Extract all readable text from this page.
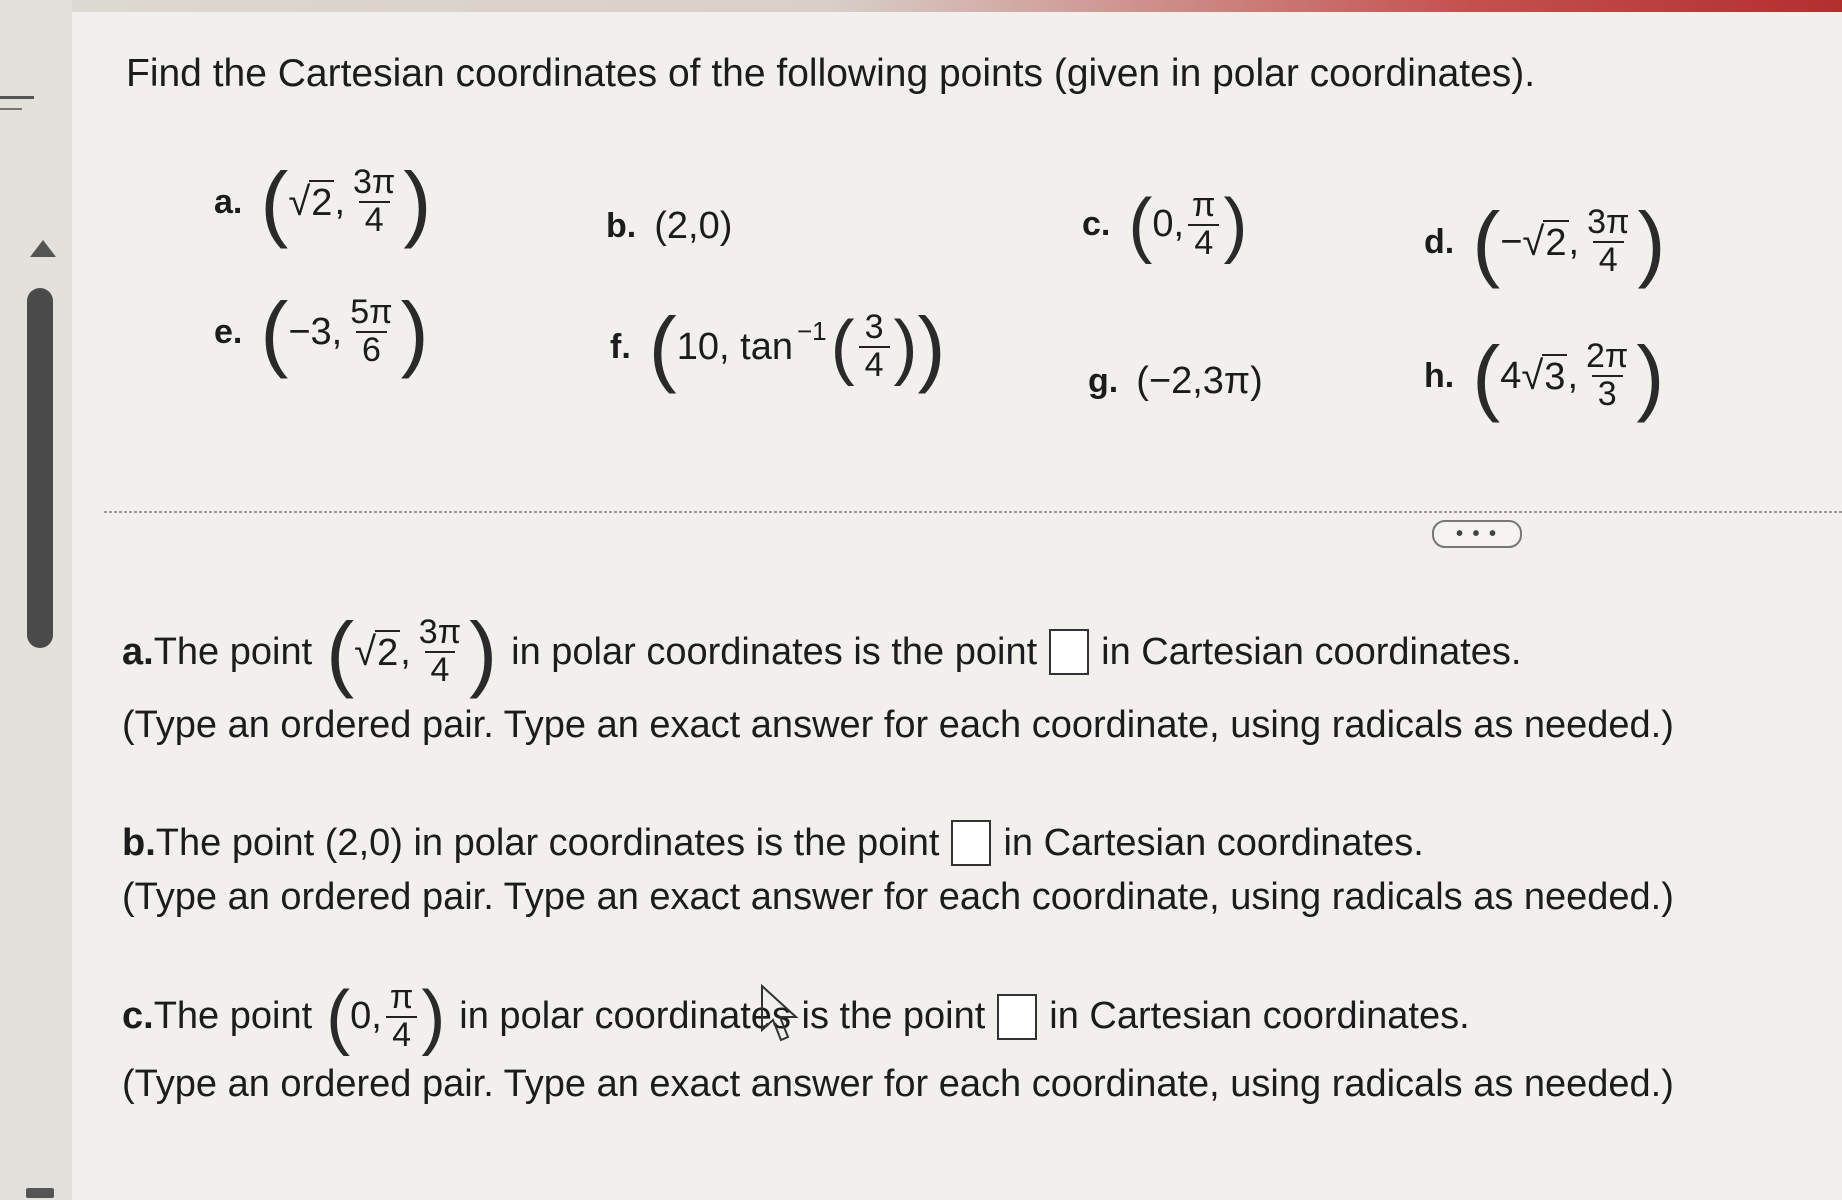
Find the Cartesian coordinates of the following points (given in polar coordinates).
a. ( √ 2 , $\frac{3\pi}{4}$ )	b. (2,0)	c. ( 0, $\frac{\pi}{4}$ )	d. ( − √ 2 , $\frac{3\pi}{4}$ )
e. ( −3, $\frac{5\pi}{6}$ )	f. ( 10, $\tan^{-1}$ ( $\frac{3}{4}$ ) )	g. (−2,3π)	h. ( 4 √ 3 , $\frac{2\pi}{3}$ )
• • •
a. The point ( √ 2 , $\frac{3\pi}{4}$ ) in polar coordinates is the point in Cartesian coordinates.
(Type an ordered pair. Type an exact answer for each coordinate, using radicals as needed.)
b. The point (2,0) in polar coordinates is the point in Cartesian coordinates.
(Type an ordered pair. Type an exact answer for each coordinate, using radicals as needed.)
c. The point ( 0, $\frac{\pi}{4}$ ) in polar coordinates is the point in Cartesian coordinates.
(Type an ordered pair. Type an exact answer for each coordinate, using radicals as needed.)
